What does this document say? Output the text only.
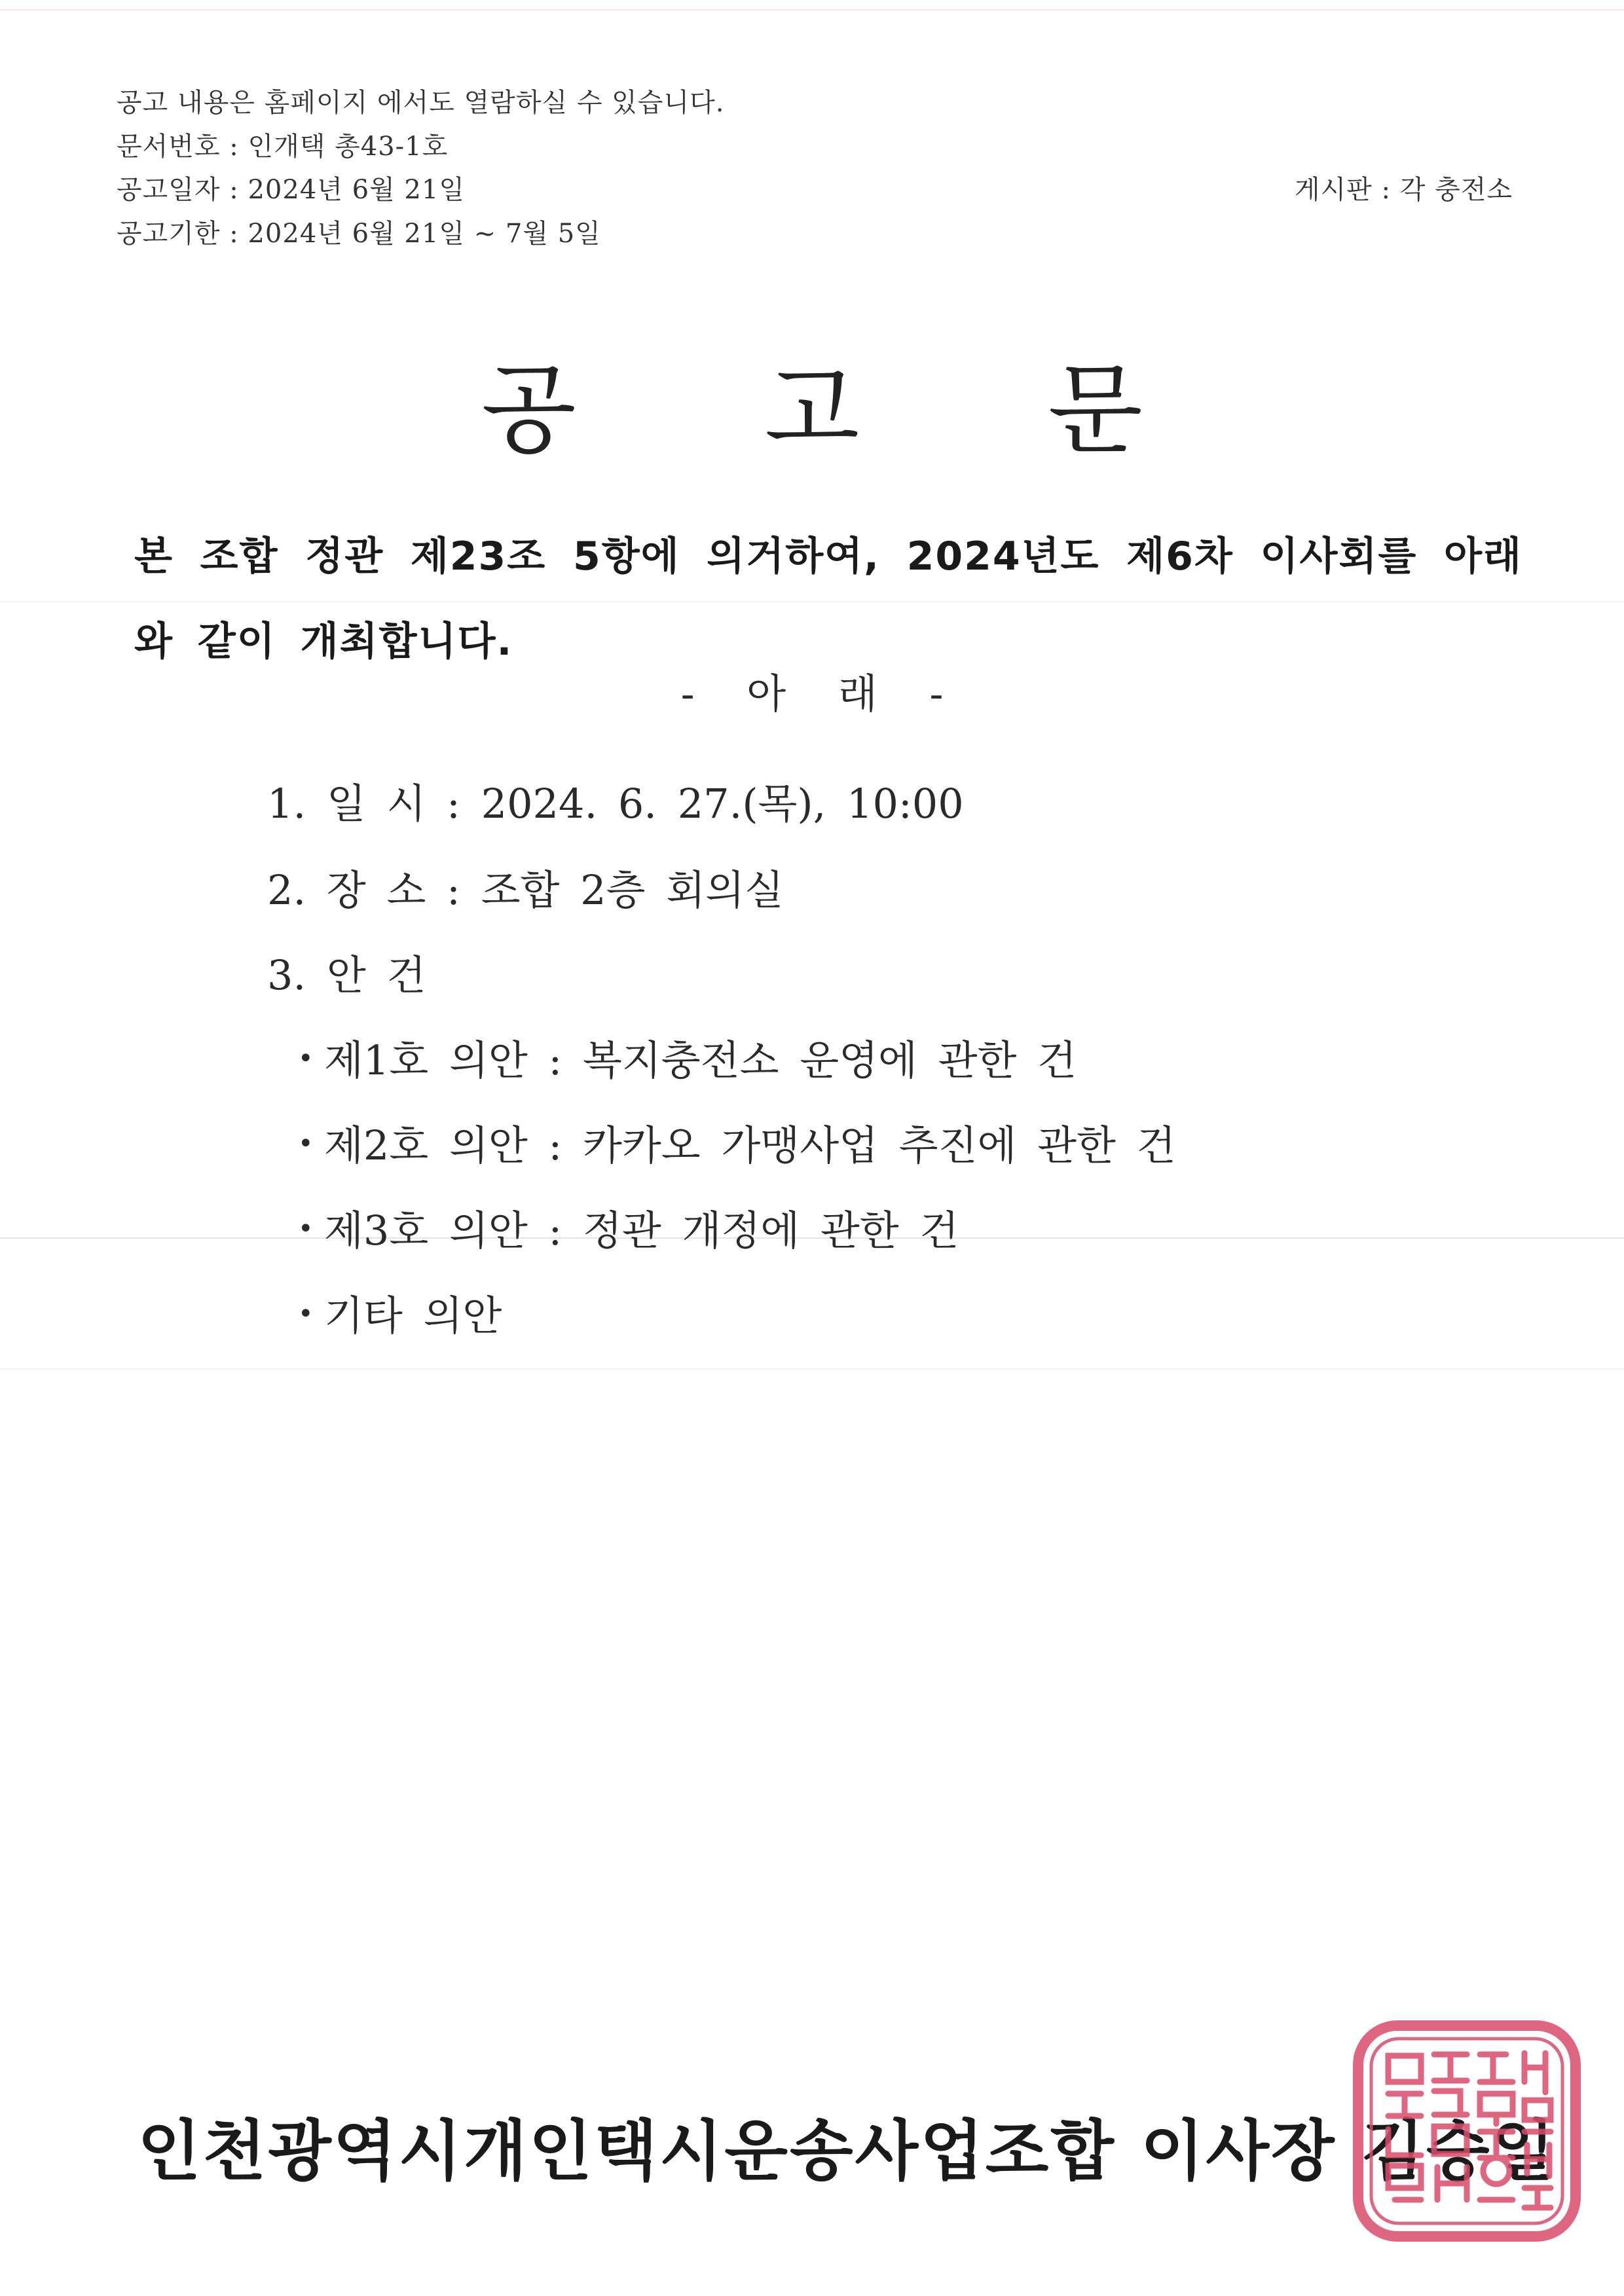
공고 내용은 홈페이지 에서도 열람하실 수 있습니다.
문서번호 : 인개택 총43-1호
공고일자 : 2024년 6월 21일
공고기한 : 2024년 6월 21일 ~ 7월 5일
게시판 : 각 충전소
공 고 문
본 조합 정관 제23조 5항에 의거하여, 2024년도 제6차 이사회를 아래와 같이 개최합니다.
- 아 래 -
1. 일 시 : 2024. 6. 27.(목), 10:00
2. 장 소 : 조합 2층 회의실
3. 안 건
• 제1호 의안 : 복지충전소 운영에 관한 건
• 제2호 의안 : 카카오 가맹사업 추진에 관한 건
• 제3호 의안 : 정관 개정에 관한 건
• 기타 의안
인천광역시개인택시운송사업조합 이사장 김승일
